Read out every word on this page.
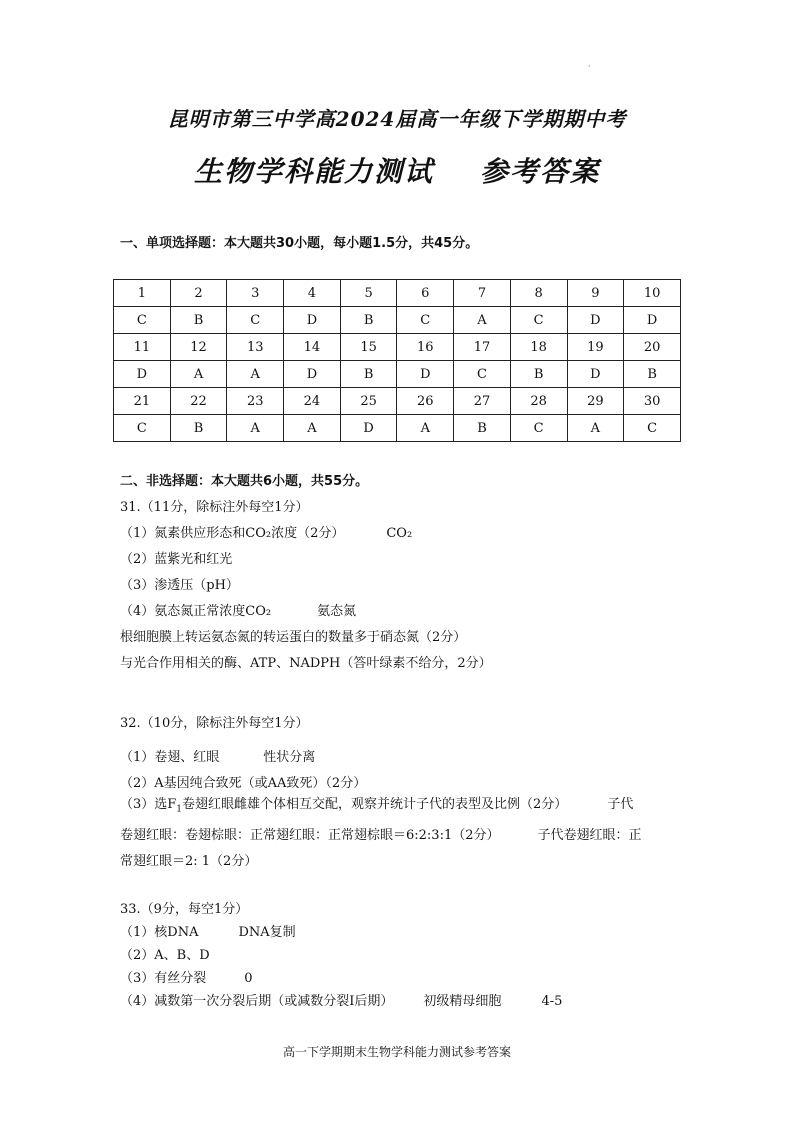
·
昆明市第三中学高2024届高一年级下学期期中考
生物学科能力测试 参考答案
一、单项选择题：本大题共30小题，每小题1.5分，共45分。
1	2	3	4	5	6	7	8	9	10
C	B	C	D	B	C	A	C	D	D
11	12	13	14	15	16	17	18	19	20
D	A	A	D	B	D	C	B	D	B
21	22	23	24	25	26	27	28	29	30
C	B	A	A	D	A	B	C	A	C
二、非选择题：本大题共6小题，共55分。
31.（11分，除标注外每空1分）
（1）氮素供应形态和CO₂浓度（2分）	CO₂
（2）蓝紫光和红光
（3）渗透压（pH）
（4）氨态氮正常浓度CO₂	氨态氮
根细胞膜上转运氨态氮的转运蛋白的数量多于硝态氮（2分）
与光合作用相关的酶、ATP、NADPH（答叶绿素不给分，2分）
32.（10分，除标注外每空1分）
（1）卷翅、红眼	性状分离
（2）A基因纯合致死（或AA致死）（2分）
（3）选$F_1$卷翅红眼雌雄个体相互交配，观察并统计子代的表型及比例（2分）	子代
卷翅红眼：卷翅棕眼：正常翅红眼：正常翅棕眼＝6:2:3:1（2分）	子代卷翅红眼：正
常翅红眼＝2: 1（2分）
33.（9分，每空1分）
（1）核DNA	DNA复制
（2）A、B、D
（3）有丝分裂	0
（4）减数第一次分裂后期（或减数分裂Ⅰ后期） 初级精母细胞	4-5
高一下学期期末生物学科能力测试参考答案
